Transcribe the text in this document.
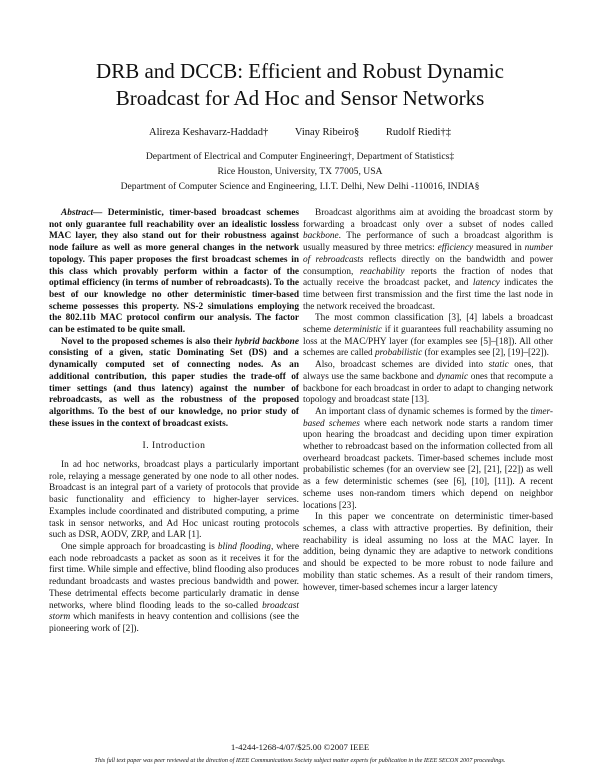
DRB and DCCB: Efficient and Robust Dynamic
Broadcast for Ad Hoc and Sensor Networks
Alireza Keshavarz-Haddad†	Vinay Ribeiro§	Rudolf Riedi†‡
Department of Electrical and Computer Engineering†, Department of Statistics‡
Rice Houston, University, TX 77005, USA
Department of Computer Science and Engineering, I.I.T. Delhi, New Delhi -110016, INDIA§

Abstract— Deterministic, timer-based broadcast schemes not only guarantee full reachability over an idealistic lossless MAC layer, they also stand out for their robustness against node failure as well as more general changes in the network topology. This paper proposes the first broadcast schemes in this class which provably perform within a factor of the optimal efficiency (in terms of number of rebroadcasts). To the best of our knowledge no other deterministic timer-based scheme possesses this property. NS-2 simulations employing the 802.11b MAC protocol confirm our analysis. The factor can be estimated to be quite small.

Novel to the proposed schemes is also their hybrid backbone consisting of a given, static Dominating Set (DS) and a dynamically computed set of connecting nodes. As an additional contribution, this paper studies the trade-off of timer settings (and thus latency) against the number of rebroadcasts, as well as the robustness of the proposed algorithms. To the best of our knowledge, no prior study of these issues in the context of broadcast exists.

I. Introduction

In ad hoc networks, broadcast plays a particularly important role, relaying a message generated by one node to all other nodes. Broadcast is an integral part of a variety of protocols that provide basic functionality and efficiency to higher-layer services. Examples include coordinated and distributed computing, a prime task in sensor networks, and Ad Hoc unicast routing protocols such as DSR, AODV, ZRP, and LAR [1].

One simple approach for broadcasting is blind flooding, where each node rebroadcasts a packet as soon as it receives it for the first time. While simple and effective, blind flooding also produces redundant broadcasts and wastes precious bandwidth and power. These detrimental effects become particularly dramatic in dense networks, where blind flooding leads to the so-called broadcast storm which manifests in heavy contention and collisions (see the pioneering work of [2]).

Broadcast algorithms aim at avoiding the broadcast storm by forwarding a broadcast only over a subset of nodes called backbone. The performance of such a broadcast algorithm is usually measured by three metrics: efficiency measured in number of rebroadcasts reflects directly on the bandwidth and power consumption, reachability reports the fraction of nodes that actually receive the broadcast packet, and latency indicates the time between first transmission and the first time the last node in the network received the broadcast.

The most common classification [3], [4] labels a broadcast scheme deterministic if it guarantees full reachability assuming no loss at the MAC/PHY layer (for examples see [5]–[18]). All other schemes are called probabilistic (for examples see [2], [19]–[22]).

Also, broadcast schemes are divided into static ones, that always use the same backbone and dynamic ones that recompute a backbone for each broadcast in order to adapt to changing network topology and broadcast state [13].

An important class of dynamic schemes is formed by the timer-based schemes where each network node starts a random timer upon hearing the broadcast and deciding upon timer expiration whether to rebroadcast based on the information collected from all overheard broadcast packets. Timer-based schemes include most probabilistic schemes (for an overview see [2], [21], [22]) as well as a few deterministic schemes (see [6], [10], [11]). A recent scheme uses non-random timers which depend on neighbor locations [23].

In this paper we concentrate on deterministic timer-based schemes, a class with attractive properties. By definition, their reachability is ideal assuming no loss at the MAC layer. In addition, being dynamic they are adaptive to network conditions and should be expected to be more robust to node failure and mobility than static schemes. As a result of their random timers, however, timer-based schemes incur a larger latency

1-4244-1268-4/07/$25.00 ©2007 IEEE
This full text paper was peer reviewed at the direction of IEEE Communications Society subject matter experts for publication in the IEEE SECON 2007 proceedings.
